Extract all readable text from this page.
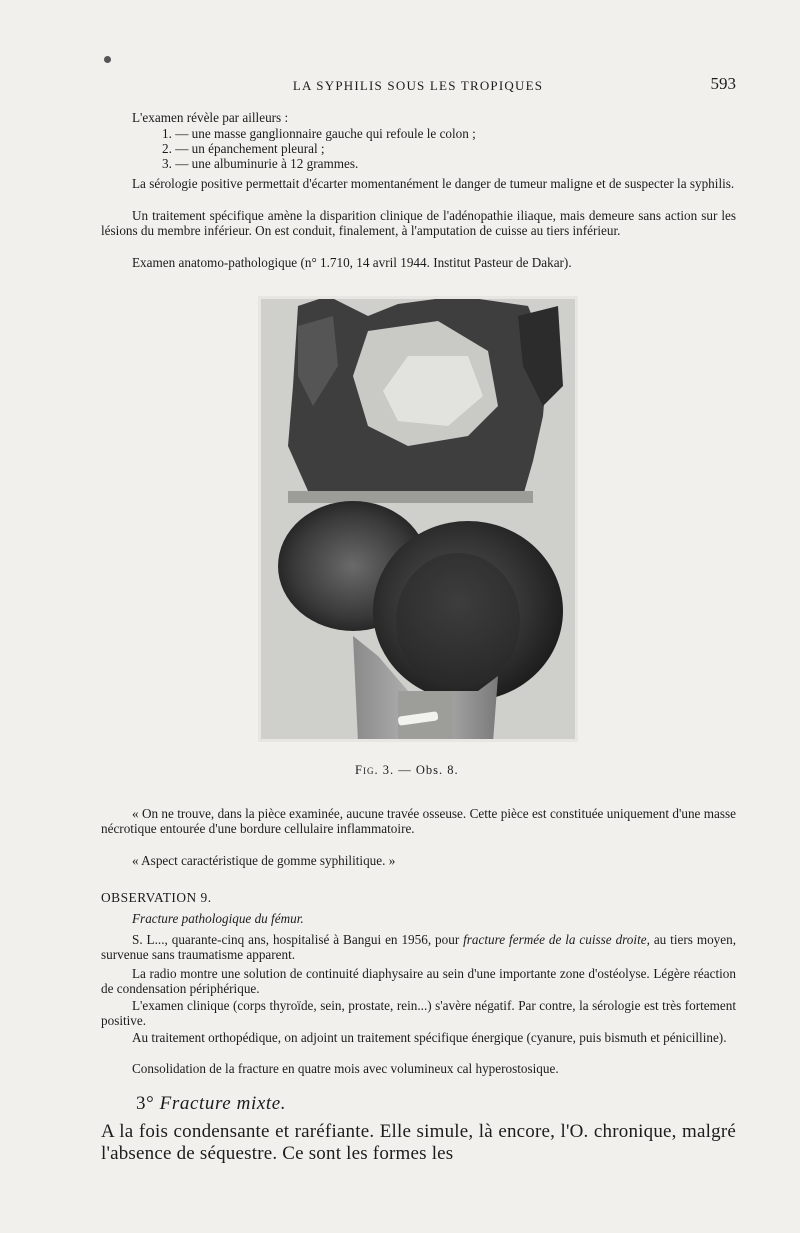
LA SYPHILIS SOUS LES TROPIQUES	593
L'examen révèle par ailleurs :
1. — une masse ganglionnaire gauche qui refoule le colon ;
2. — un épanchement pleural ;
3. — une albuminurie à 12 grammes.
La sérologie positive permettait d'écarter momentanément le danger de tumeur maligne et de suspecter la syphilis.
Un traitement spécifique amène la disparition clinique de l'adénopathie iliaque, mais demeure sans action sur les lésions du membre inférieur. On est conduit, finalement, à l'amputation de cuisse au tiers inférieur.
Examen anatomo-pathologique (n° 1.710, 14 avril 1944. Institut Pasteur de Dakar).
Fig. 3. — Obs. 8.
« On ne trouve, dans la pièce examinée, aucune travée osseuse. Cette pièce est constituée uniquement d'une masse nécrotique entourée d'une bordure cellulaire inflammatoire.
« Aspect caractéristique de gomme syphilitique. »
OBSERVATION 9.
Fracture pathologique du fémur.
S. L..., quarante-cinq ans, hospitalisé à Bangui en 1956, pour fracture fermée de la cuisse droite, au tiers moyen, survenue sans traumatisme apparent.
La radio montre une solution de continuité diaphysaire au sein d'une importante zone d'ostéolyse. Légère réaction de condensation périphérique.
L'examen clinique (corps thyroïde, sein, prostate, rein...) s'avère négatif. Par contre, la sérologie est très fortement positive.
Au traitement orthopédique, on adjoint un traitement spécifique énergique (cyanure, puis bismuth et pénicilline).
Consolidation de la fracture en quatre mois avec volumineux cal hyperostosique.
3° Fracture mixte.
A la fois condensante et raréfiante. Elle simule, là encore, l'O. chronique, malgré l'absence de séquestre. Ce sont les formes les
